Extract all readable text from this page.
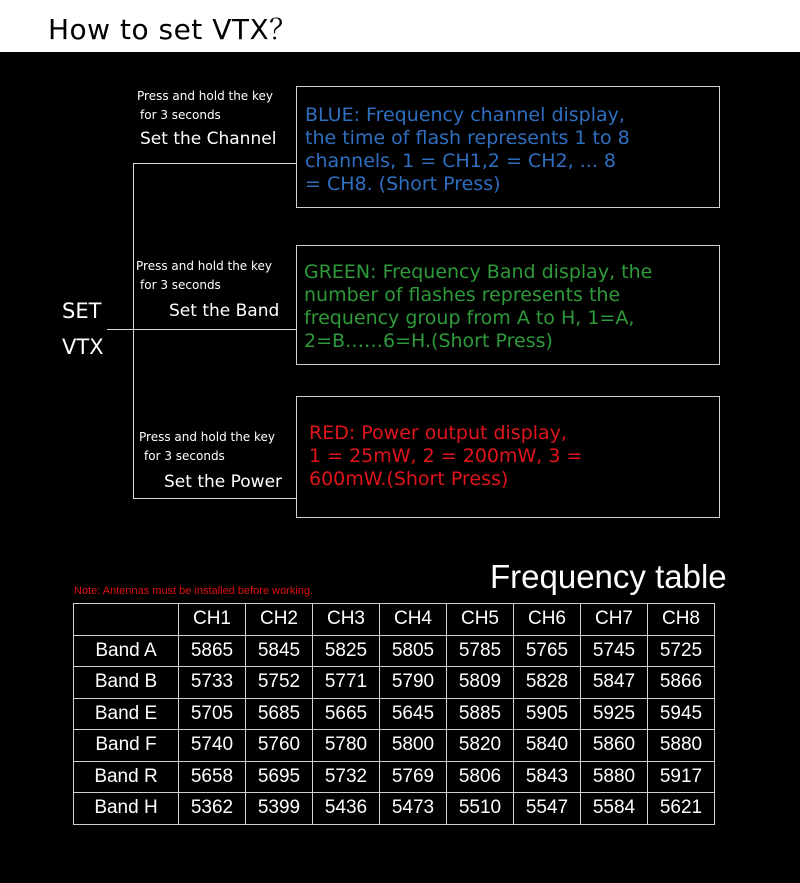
How to set VTX？
SET
VTX
Press and hold the key
for 3 seconds
Set the Channel
BLUE: Frequency channel display,
the time of flash represents 1 to 8
channels, 1 = CH1,2 = CH2, ... 8
= CH8. (Short Press)
Press and hold the key
for 3 seconds
Set the Band
GREEN: Frequency Band display, the
number of flashes represents the
frequency group from A to H, 1=A,
2=B……6=H.(Short Press)
Press and hold the key
for 3 seconds
Set the Power
RED: Power output display,
1 = 25mW, 2 = 200mW, 3 =
600mW.(Short Press)
Note: Antennas must be installed before working.	Frequency table
	CH1	CH2	CH3	CH4	CH5	CH6	CH7	CH8
Band A	5865	5845	5825	5805	5785	5765	5745	5725
Band B	5733	5752	5771	5790	5809	5828	5847	5866
Band E	5705	5685	5665	5645	5885	5905	5925	5945
Band F	5740	5760	5780	5800	5820	5840	5860	5880
Band R	5658	5695	5732	5769	5806	5843	5880	5917
Band H	5362	5399	5436	5473	5510	5547	5584	5621
